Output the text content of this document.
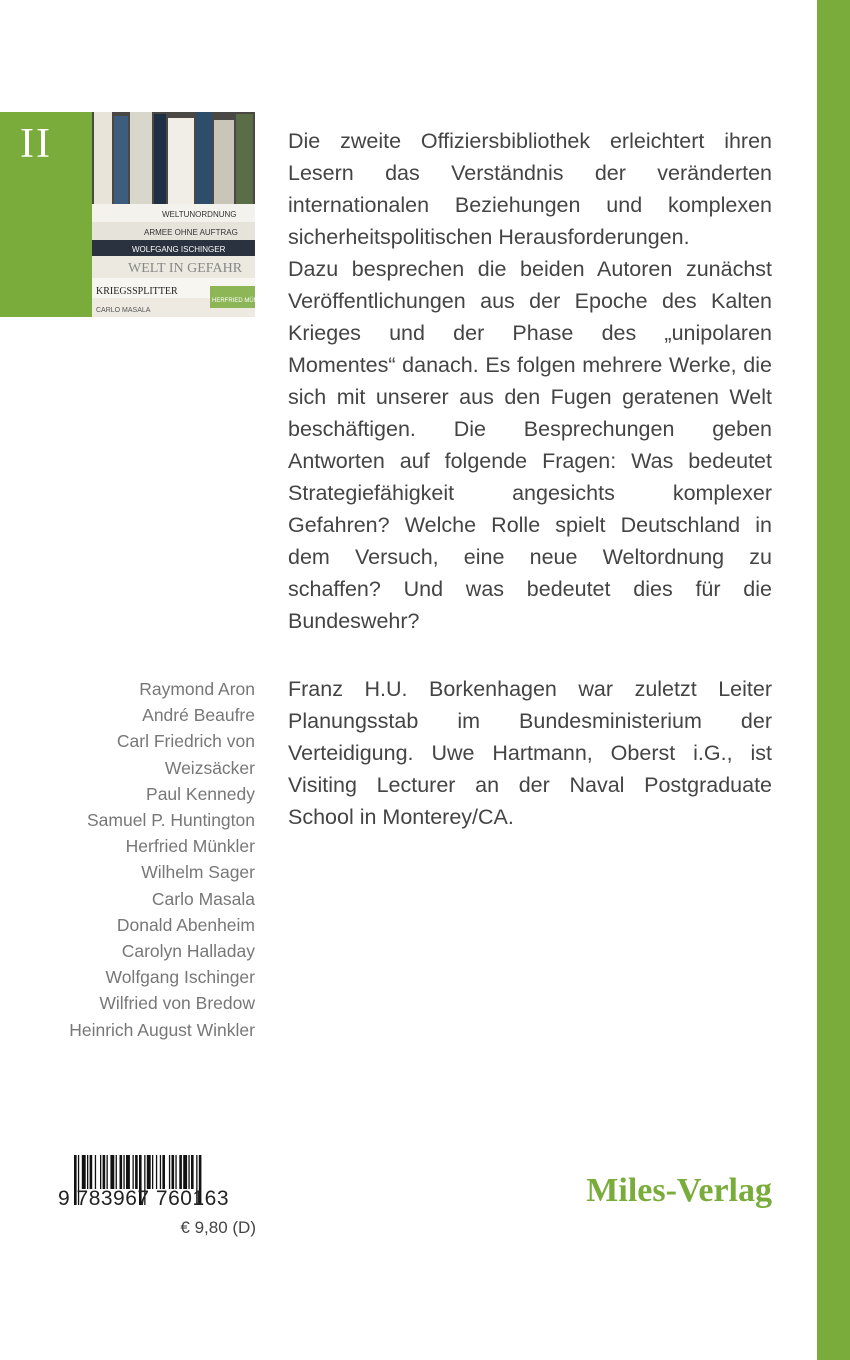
II
WELTUNORDNUNG
ARMEE OHNE AUFTRAG
WOLFGANG ISCHINGER
WELT IN GEFAHR
KRIEGSSPLITTER
HERFRIED MÜNKLER
CARLO MASALA

Die zweite Offiziersbibliothek erleichtert ihren Lesern das Verständnis der veränderten internationalen Beziehungen und komplexen sicherheitspolitischen Herausforderungen.

Dazu besprechen die beiden Autoren zunächst Veröffentlichungen aus der Epoche des Kalten Krieges und der Phase des „unipolaren Momentes“ danach. Es folgen mehrere Werke, die sich mit unserer aus den Fugen geratenen Welt beschäftigen. Die Besprechungen geben Antworten auf folgende Fragen: Was bedeutet Strategiefähigkeit angesichts komplexer Gefahren? Welche Rolle spielt Deutschland in dem Versuch, eine neue Weltordnung zu schaffen? Und was bedeutet dies für die Bundeswehr?

Franz H.U. Borkenhagen war zuletzt Leiter Planungsstab im Bundesministerium der Verteidigung. Uwe Hartmann, Oberst i.G., ist Visiting Lecturer an der Naval Postgraduate School in Monterey/CA.

Raymond Aron
André Beaufre
Carl Friedrich von Weizsäcker
Paul Kennedy
Samuel P. Huntington
Herfried Münkler
Wilhelm Sager
Carlo Masala
Donald Abenheim
Carolyn Halladay
Wolfgang Ischinger
Wilfried von Bredow
Heinrich August Winkler
9 783967 760163
€ 9,80 (D)
Miles-Verlag
